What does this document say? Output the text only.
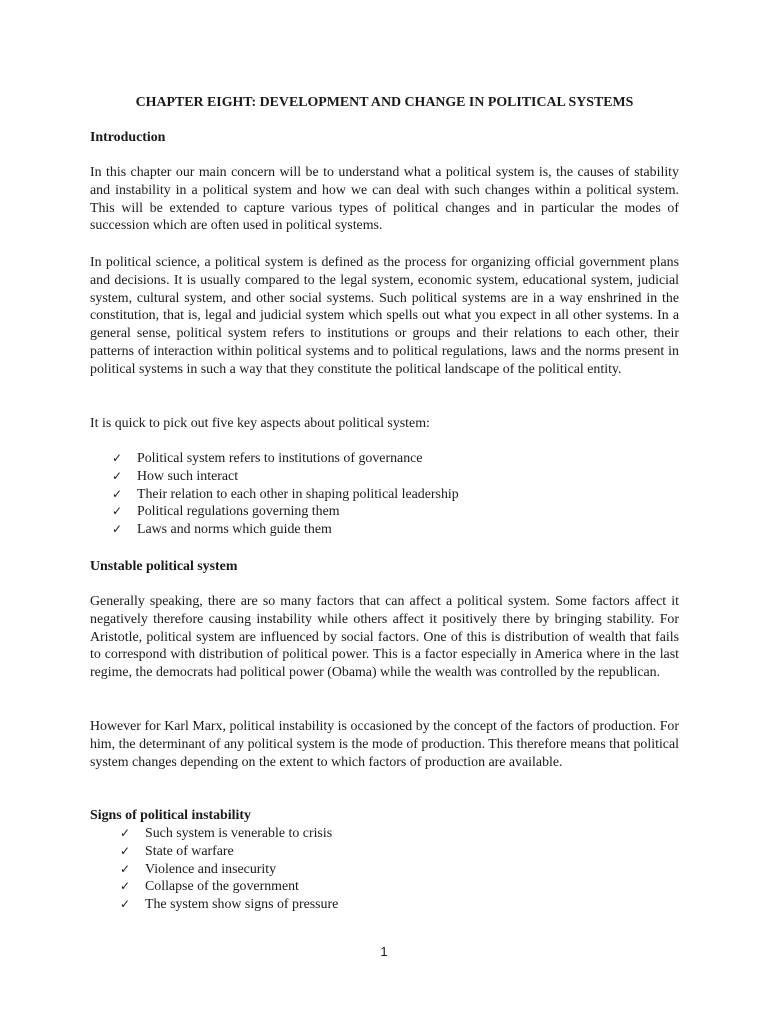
CHAPTER EIGHT: DEVELOPMENT AND CHANGE IN POLITICAL SYSTEMS
Introduction

In this chapter our main concern will be to understand what a political system is, the causes of stability and instability in a political system and how we can deal with such changes within a political system. This will be extended to capture various types of political changes and in particular the modes of succession which are often used in political systems.

In political science, a political system is defined as the process for organizing official government plans and decisions. It is usually compared to the legal system, economic system, educational system, judicial system, cultural system, and other social systems. Such political systems are in a way enshrined in the constitution, that is, legal and judicial system which spells out what you expect in all other systems. In a general sense, political system refers to institutions or groups and their relations to each other, their patterns of interaction within political systems and to political regulations, laws and the norms present in political systems in such a way that they constitute the political landscape of the political entity.

It is quick to pick out five key aspects about political system:

✓ Political system refers to institutions of governance
✓ How such interact
✓ Their relation to each other in shaping political leadership
✓ Political regulations governing them
✓ Laws and norms which guide them
Unstable political system

Generally speaking, there are so many factors that can affect a political system. Some factors affect it negatively therefore causing instability while others affect it positively there by bringing stability. For Aristotle, political system are influenced by social factors. One of this is distribution of wealth that fails to correspond with distribution of political power. This is a factor especially in America where in the last regime, the democrats had political power (Obama) while the wealth was controlled by the republican.

However for Karl Marx, political instability is occasioned by the concept of the factors of production. For him, the determinant of any political system is the mode of production. This therefore means that political system changes depending on the extent to which factors of production are available.

Signs of political instability
✓ Such system is venerable to crisis
✓ State of warfare
✓ Violence and insecurity
✓ Collapse of the government
✓ The system show signs of pressure
1
